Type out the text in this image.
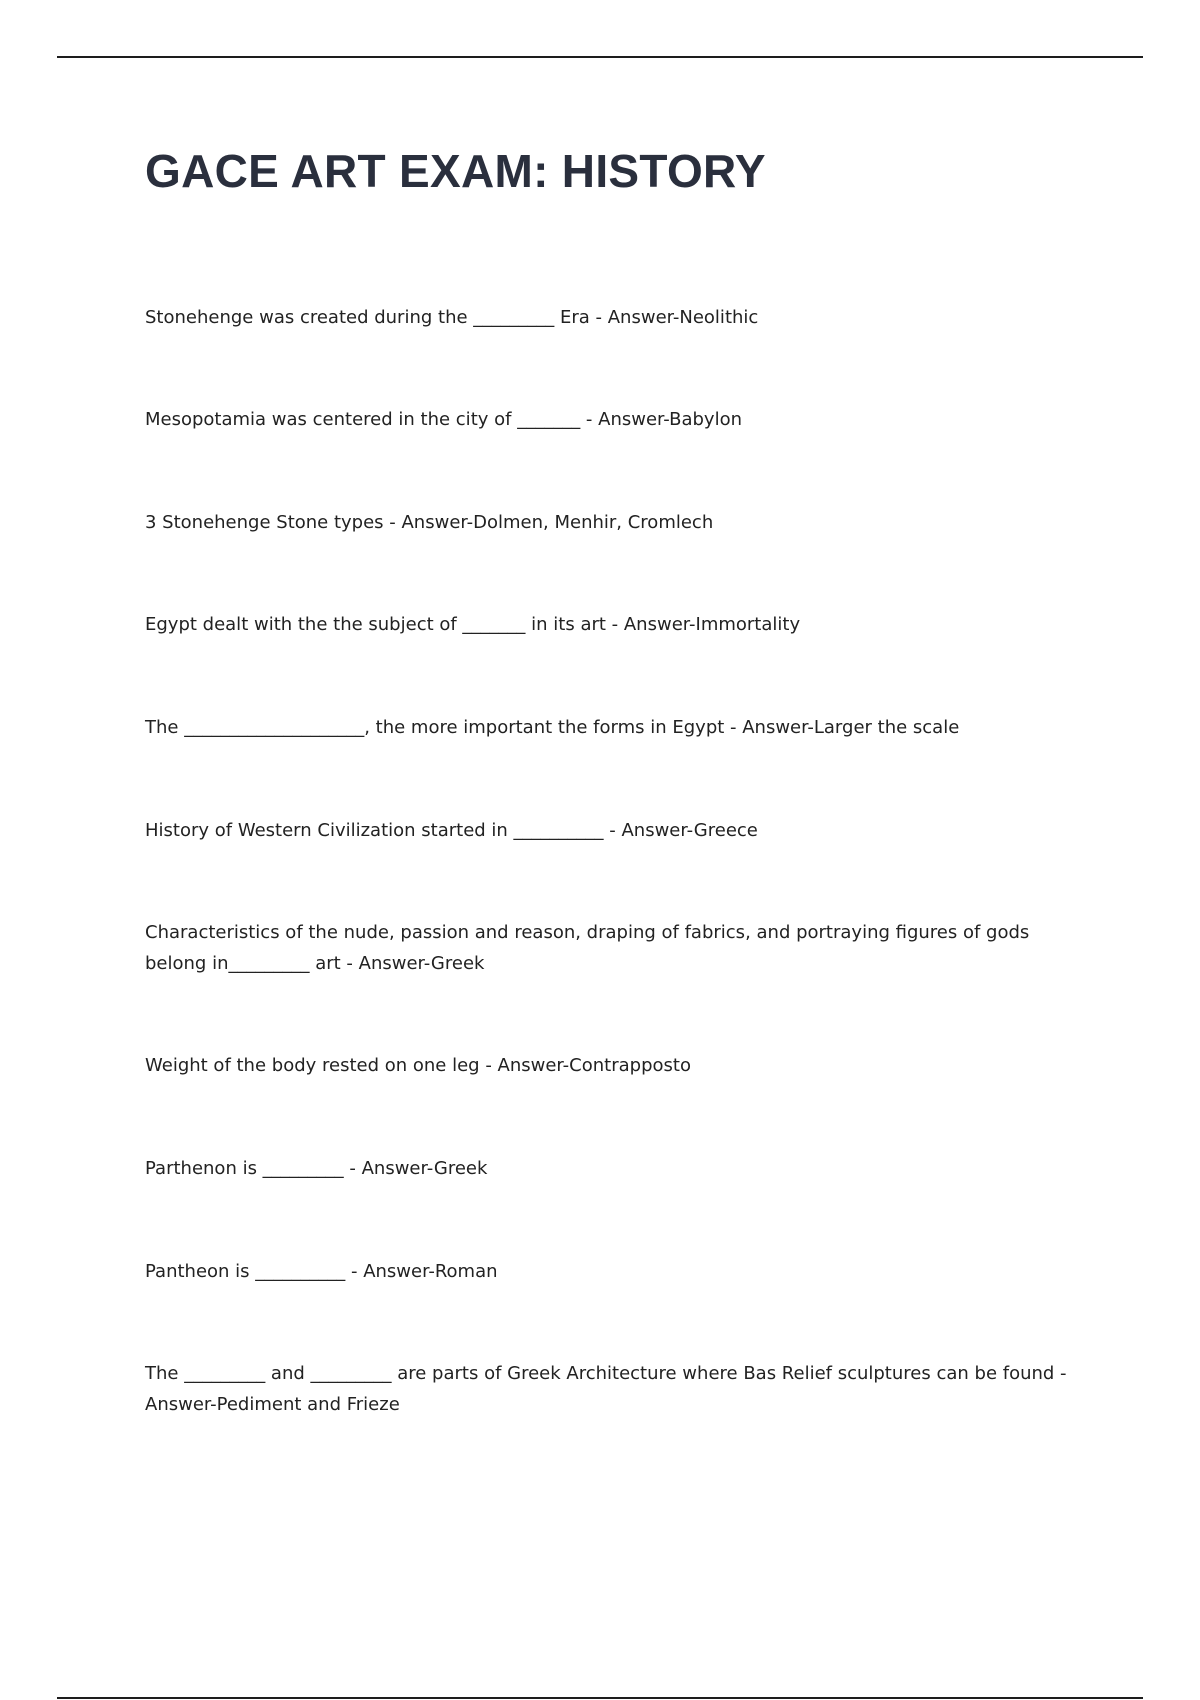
GACE ART EXAM: HISTORY

Stonehenge was created during the _________ Era - Answer-Neolithic

Mesopotamia was centered in the city of _______ - Answer-Babylon

3 Stonehenge Stone types - Answer-Dolmen, Menhir, Cromlech

Egypt dealt with the the subject of _______ in its art - Answer-Immortality

The ____________________, the more important the forms in Egypt - Answer-Larger the scale

History of Western Civilization started in __________ - Answer-Greece

Characteristics of the nude, passion and reason, draping of fabrics, and portraying figures of gods belong in_________ art - Answer-Greek

Weight of the body rested on one leg - Answer-Contrapposto

Parthenon is _________ - Answer-Greek

Pantheon is __________ - Answer-Roman

The _________ and _________ are parts of Greek Architecture where Bas Relief sculptures can be found - Answer-Pediment and Frieze
